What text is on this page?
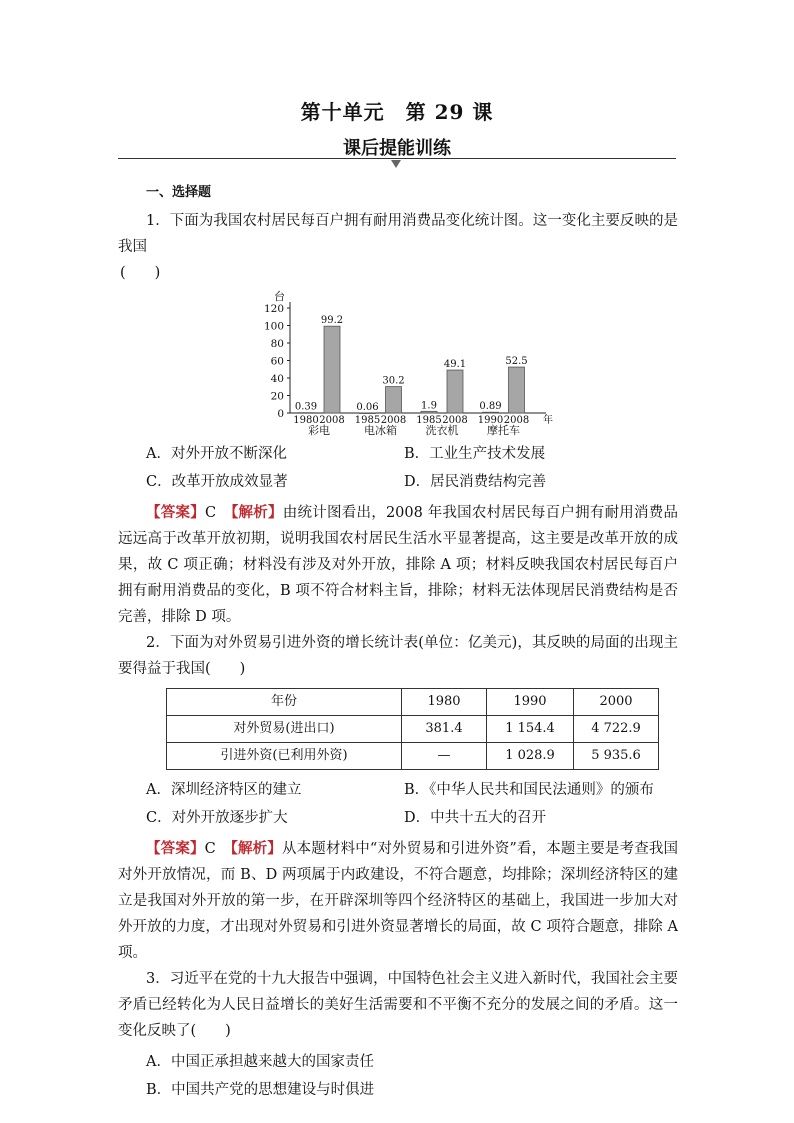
第十单元　第 29 课
课后提能训练
一、选择题

1．下面为我国农村居民每百户拥有耐用消费品变化统计图。这一变化主要反映的是我国
(　　)

台
0
20
40
60
80
100
120
0.39
1980
99.2
2008
彩电
0.06
1985
30.2
2008
电冰箱
1.9
1985
49.1
2008
洗衣机
0.89
1990
52.5
2008
摩托车
年
A．对外开放不断深化	B．工业生产技术发展
C．改革开放成效显著	D．居民消费结构完善

【答案】C　 【解析】由统计图看出，2008 年我国农村居民每百户拥有耐用消费品远远高于改革开放初期，说明我国农村居民生活水平显著提高，这主要是改革开放的成果，故 C 项正确；材料没有涉及对外开放，排除 A 项；材料反映我国农村居民每百户拥有耐用消费品的变化，B 项不符合材料主旨，排除；材料无法体现居民消费结构是否完善，排除 D 项。

2．下面为对外贸易引进外资的增长统计表(单位：亿美元)，其反映的局面的出现主要得益于我国(　　)

年份	1980	1990	2000
对外贸易(进出口)	381.4	1 154.4	4 722.9
引进外资(已利用外资)	—	1 028.9	5 935.6
A．深圳经济特区的建立	B．《中华人民共和国民法通则》的颁布
C．对外开放逐步扩大	D．中共十五大的召开

【答案】C　 【解析】从本题材料中“对外贸易和引进外资”看，本题主要是考查我国对外开放情况，而 B、D 两项属于内政建设，不符合题意，均排除；深圳经济特区的建立是我国对外开放的第一步，在开辟深圳等四个经济特区的基础上，我国进一步加大对外开放的力度，才出现对外贸易和引进外资显著增长的局面，故 C 项符合题意，排除 A 项。

3．习近平在党的十九大报告中强调，中国特色社会主义进入新时代，我国社会主要矛盾已经转化为人民日益增长的美好生活需要和不平衡不充分的发展之间的矛盾。这一变化反映了(　　)

A．中国正承担越来越大的国家责任
B．中国共产党的思想建设与时俱进
